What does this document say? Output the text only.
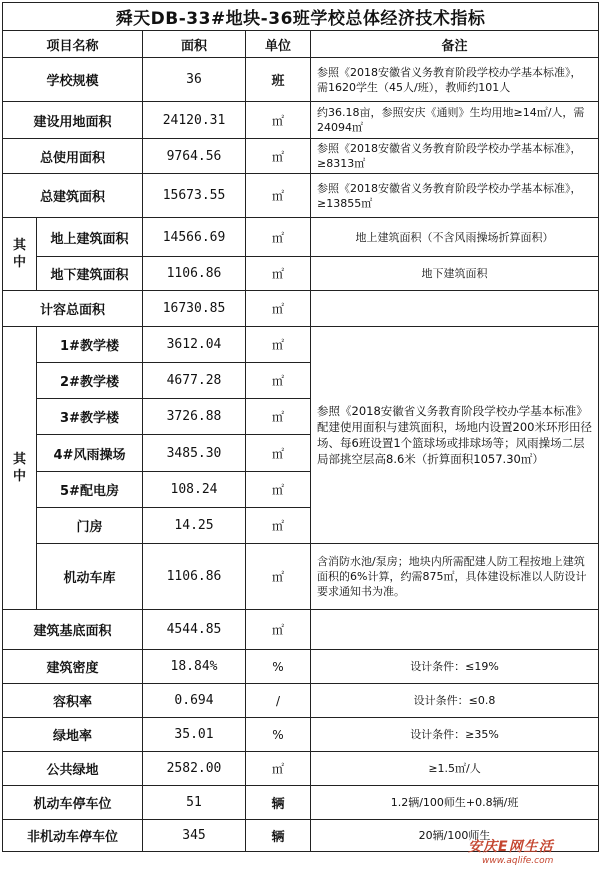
舜天DB-33#地块-36班学校总体经济技术指标				
项目名称		面积	单位	备注
学校规模		36	班	参照《2018安徽省义务教育阶段学校办学基本标准》，需1620学生（45人/班），教师约101人
建设用地面积		24120.31	㎡	约36.18亩，参照安庆《通则》生均用地≥14㎡/人，需24094㎡
总使用面积		9764.56	㎡	参照《2018安徽省义务教育阶段学校办学基本标准》，≥8313㎡
总建筑面积		15673.55	㎡	参照《2018安徽省义务教育阶段学校办学基本标准》，≥13855㎡
其
中	地上建筑面积	14566.69	㎡	地上建筑面积（不含风雨操场折算面积）
	地下建筑面积	1106.86	㎡	地下建筑面积
计容总面积		16730.85	㎡	
其
中	1#教学楼	3612.04	㎡	参照《2018安徽省义务教育阶段学校办学基本标准》配建使用面积与建筑面积，场地内设置200米环形田径场、每6班设置1个篮球场或排球场等；风雨操场二层局部挑空层高8.6米（折算面积1057.30㎡）
	2#教学楼	4677.28	㎡	
	3#教学楼	3726.88	㎡	
	4#风雨操场	3485.30	㎡	
	5#配电房	108.24	㎡	
	门房	14.25	㎡	
	机动车库	1106.86	㎡	含消防水池/泵房；地块内所需配建人防工程按地上建筑面积的6%计算，约需875㎡，具体建设标准以人防设计要求通知书为准。
建筑基底面积		4544.85	㎡	
建筑密度		18.84%	%	设计条件：≤19%
容积率		0.694	/	设计条件：≤0.8
绿地率		35.01	%	设计条件：≥35%
公共绿地		2582.00	㎡	≥1.5㎡/人
机动车停车位		51	辆	1.2辆/100师生+0.8辆/班
非机动车停车位		345	辆	20辆/100师生
安庆E网生活
www.aqlife.com
